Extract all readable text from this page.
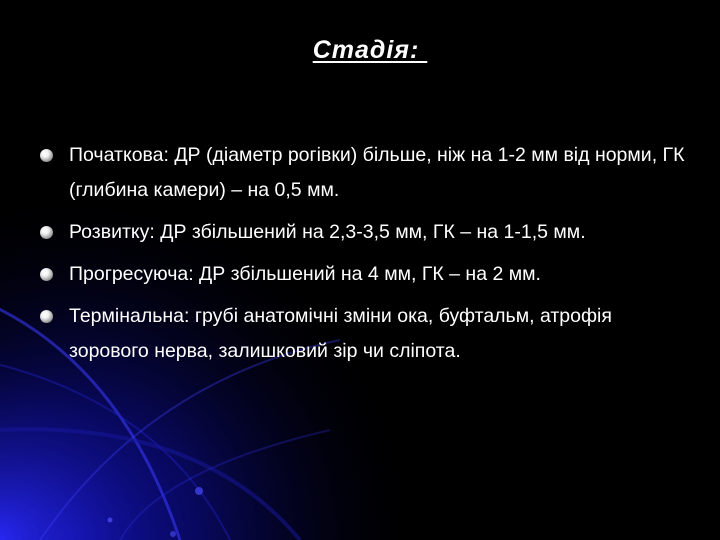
Стадія:
Початкова: ДР (діаметр рогівки) більше, ніж на 1-2 мм від норми, ГК (глибина камери) – на 0,5 мм.
Розвитку: ДР збільшений на 2,3-3,5 мм, ГК – на 1-1,5 мм.
Прогресуюча: ДР збільшений на 4 мм, ГК – на 2 мм.
Термінальна: грубі анатомічні зміни ока, буфтальм, атрофія зорового нерва, залишковий зір чи сліпота.
